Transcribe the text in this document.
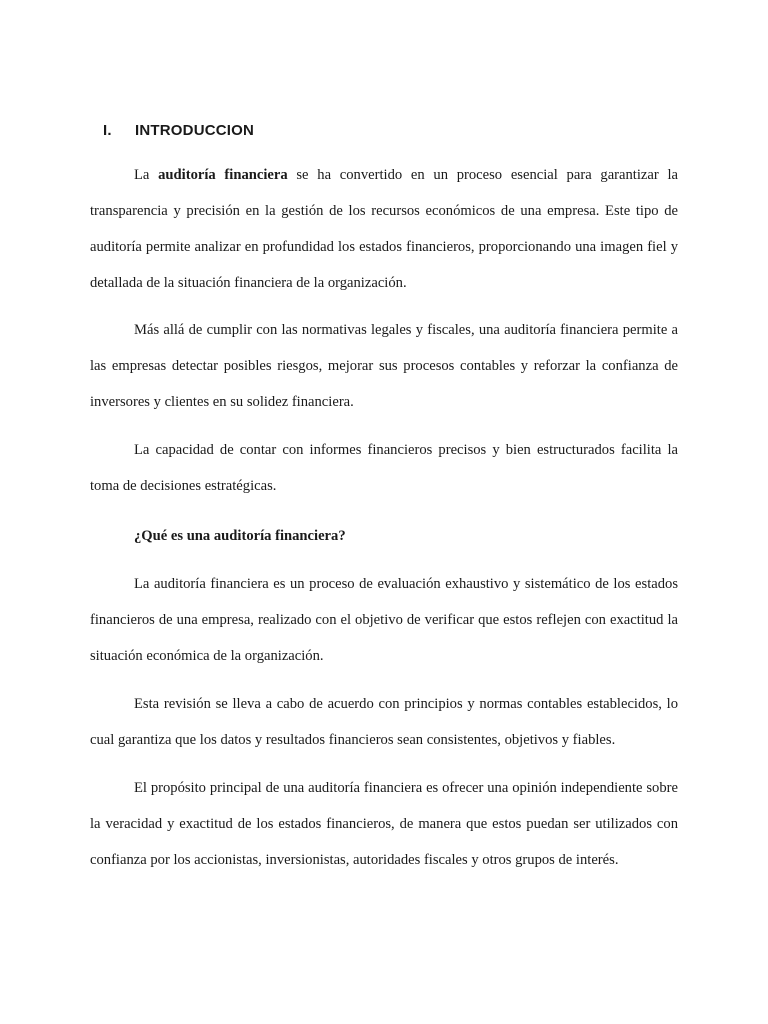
I. INTRODUCCION

La auditoría financiera se ha convertido en un proceso esencial para garantizar la transparencia y precisión en la gestión de los recursos económicos de una empresa. Este tipo de auditoría permite analizar en profundidad los estados financieros, proporcionando una imagen fiel y detallada de la situación financiera de la organización.

Más allá de cumplir con las normativas legales y fiscales, una auditoría financiera permite a las empresas detectar posibles riesgos, mejorar sus procesos contables y reforzar la confianza de inversores y clientes en su solidez financiera.

La capacidad de contar con informes financieros precisos y bien estructurados facilita la toma de decisiones estratégicas.

¿Qué es una auditoría financiera?

La auditoría financiera es un proceso de evaluación exhaustivo y sistemático de los estados financieros de una empresa, realizado con el objetivo de verificar que estos reflejen con exactitud la situación económica de la organización.

Esta revisión se lleva a cabo de acuerdo con principios y normas contables establecidos, lo cual garantiza que los datos y resultados financieros sean consistentes, objetivos y fiables.

El propósito principal de una auditoría financiera es ofrecer una opinión independiente sobre la veracidad y exactitud de los estados financieros, de manera que estos puedan ser utilizados con confianza por los accionistas, inversionistas, autoridades fiscales y otros grupos de interés.
